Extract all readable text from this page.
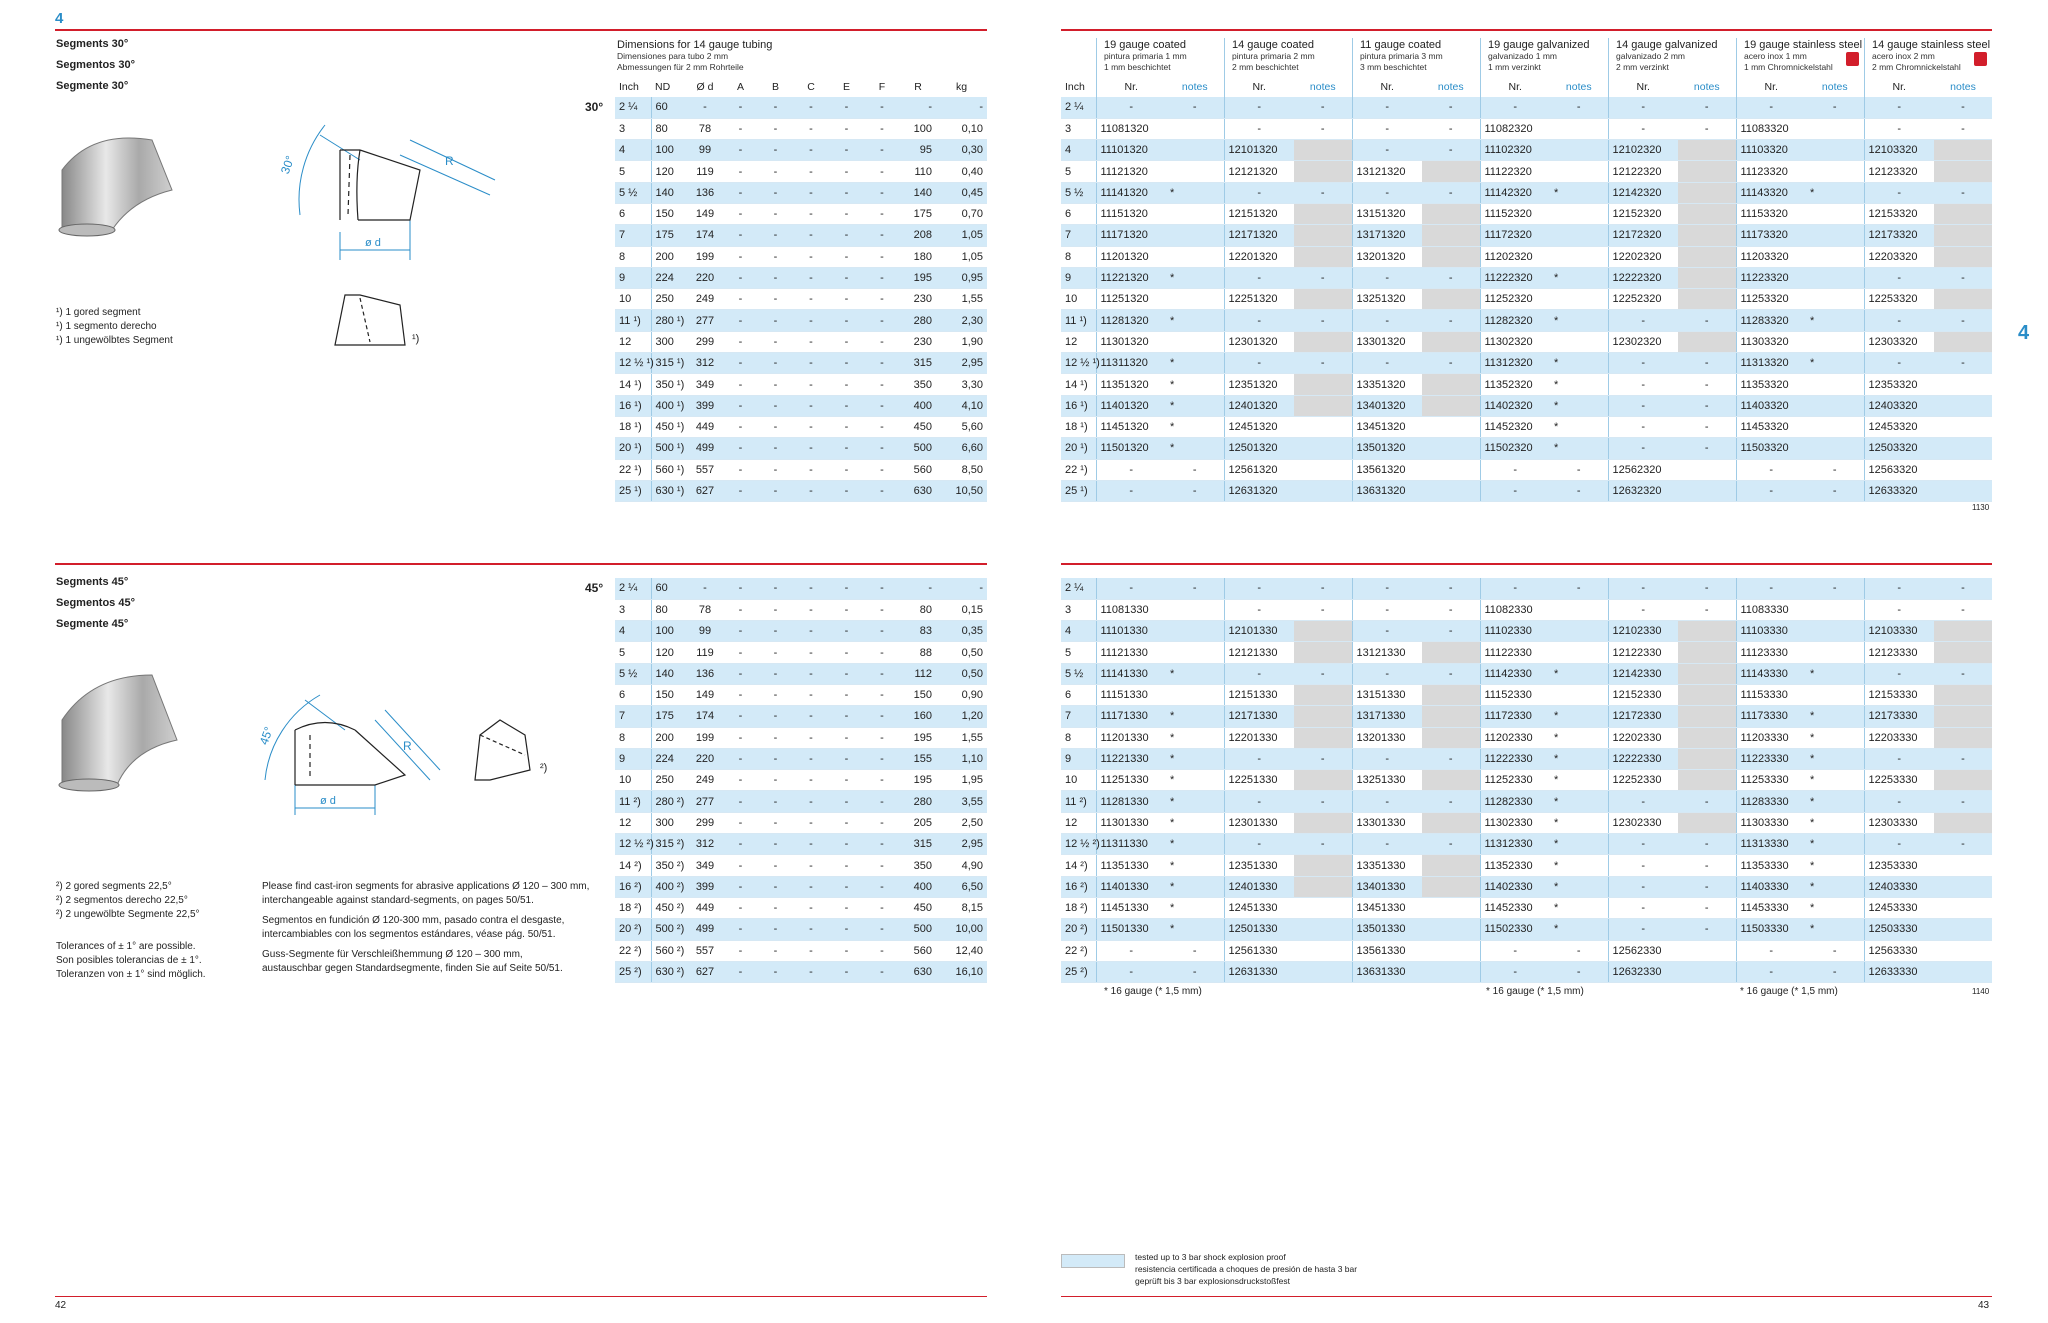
4
42	43
4
Segments 30°
Segmentos 30°
Segmente 30°
30°	R
ø d
¹) 1 gored segment
¹) 1 segmento derecho
¹) 1 ungewölbtes Segment	¹)
Dimensions for 14 gauge tubing
Dimensiones para tubo 2 mm
Abmessungen für 2 mm Rohrteile
Inch	ND	Ø d	A	B	C	E	F	R	kg
30° 2 ¼	60	-	-	-	-	-	-	-	-
3	80	78	-	-	-	-	-	100	0,10
4	100	99	-	-	-	-	-	95	0,30
5	120	119	-	-	-	-	-	110	0,40
5 ½	140	136	-	-	-	-	-	140	0,45
6	150	149	-	-	-	-	-	175	0,70
7	175	174	-	-	-	-	-	208	1,05
8	200	199	-	-	-	-	-	180	1,05
9	224	220	-	-	-	-	-	195	0,95
10	250	249	-	-	-	-	-	230	1,55
11 ¹)	280 ¹)	277	-	-	-	-	-	280	2,30
12	300	299	-	-	-	-	-	230	1,90
12 ½ ¹)	315 ¹)	312	-	-	-	-	-	315	2,95
14 ¹)	350 ¹)	349	-	-	-	-	-	350	3,30
16 ¹)	400 ¹)	399	-	-	-	-	-	400	4,10
18 ¹)	450 ¹)	449	-	-	-	-	-	450	5,60
20 ¹)	500 ¹)	499	-	-	-	-	-	500	6,60
22 ¹)	560 ¹)	557	-	-	-	-	-	560	8,50
25 ¹)	630 ¹)	627	-	-	-	-	-	630	10,50
Segments 45°
Segmentos 45°
Segmente 45°
45°	R
ø d
²)
²) 2 gored segments 22,5°
²) 2 segmentos derecho 22,5°
²) 2 ungewölbte Segmente 22,5°
Tolerances of ± 1° are possible.
Son posibles tolerancias de ± 1°.
Toleranzen von ± 1° sind möglich.
Please find cast-iron segments for abrasive applications Ø 120 – 300 mm,
interchangeable against standard-segments, on pages 50/51.
Segmentos en fundición Ø 120-300 mm, pasado contra el desgaste,
intercambiables con los segmentos estándares, véase pág. 50/51.
Guss-Segmente für Verschleißhemmung Ø 120 – 300 mm,
austauschbar gegen Standardsegmente, finden Sie auf Seite 50/51.
45° 2 ¼	60	-	-	-	-	-	-	-	-
3	80	78	-	-	-	-	-	80	0,15
4	100	99	-	-	-	-	-	83	0,35
5	120	119	-	-	-	-	-	88	0,50
5 ½	140	136	-	-	-	-	-	112	0,50
6	150	149	-	-	-	-	-	150	0,90
7	175	174	-	-	-	-	-	160	1,20
8	200	199	-	-	-	-	-	195	1,55
9	224	220	-	-	-	-	-	155	1,10
10	250	249	-	-	-	-	-	195	1,95
11 ²)	280 ²)	277	-	-	-	-	-	280	3,55
12	300	299	-	-	-	-	-	205	2,50
12 ½ ²)	315 ²)	312	-	-	-	-	-	315	2,95
14 ²)	350 ²)	349	-	-	-	-	-	350	4,90
16 ²)	400 ²)	399	-	-	-	-	-	400	6,50
18 ²)	450 ²)	449	-	-	-	-	-	450	8,15
20 ²)	500 ²)	499	-	-	-	-	-	500	10,00
22 ²)	560 ²)	557	-	-	-	-	-	560	12,40
25 ²)	630 ²)	627	-	-	-	-	-	630	16,10
19 gauge coated
pintura primaria 1 mm
1 mm beschichtet
14 gauge coated
pintura primaria 2 mm
2 mm beschichtet
11 gauge coated
pintura primaria 3 mm
3 mm beschichtet
19 gauge galvanized
galvanizado 1 mm
1 mm verzinkt
14 gauge galvanized
galvanizado 2 mm
2 mm verzinkt
19 gauge stainless steel
acero inox 1 mm
1 mm Chromnickelstahl
14 gauge stainless steel
acero inox 2 mm
2 mm Chromnickelstahl
Inch	Nr.	notes	Nr.	notes	Nr.	notes	Nr.	notes	Nr.	notes	Nr.	notes	Nr.	notes
2 ¼	-	-	-	-	-	-	-	-	-	-	-	-	-	-
3	11081320		-	-	-	-	11082320		-	-	11083320		-	-
4	11101320		12101320		-	-	11102320		12102320		11103320		12103320	
5	11121320		12121320		13121320		11122320		12122320		11123320		12123320	
5 ½	11141320	*	-	-	-	-	11142320	*	12142320		11143320	*	-	-
6	11151320		12151320		13151320		11152320		12152320		11153320		12153320	
7	11171320		12171320		13171320		11172320		12172320		11173320		12173320	
8	11201320		12201320		13201320		11202320		12202320		11203320		12203320	
9	11221320	*	-	-	-	-	11222320	*	12222320		11223320		-	-
10	11251320		12251320		13251320		11252320		12252320		11253320		12253320	
11 ¹)	11281320	*	-	-	-	-	11282320	*	-	-	11283320	*	-	-
12	11301320		12301320		13301320		11302320		12302320		11303320		12303320	
12 ½ ¹)	11311320	*	-	-	-	-	11312320	*	-	-	11313320	*	-	-
14 ¹)	11351320	*	12351320		13351320		11352320	*	-	-	11353320		12353320	
16 ¹)	11401320	*	12401320		13401320		11402320	*	-	-	11403320		12403320	
18 ¹)	11451320	*	12451320		13451320		11452320	*	-	-	11453320		12453320	
20 ¹)	11501320	*	12501320		13501320		11502320	*	-	-	11503320		12503320	
22 ¹)	-	-	12561320		13561320		-	-	12562320		-	-	12563320	
25 ¹)	-	-	12631320		13631320		-	-	12632320		-	-	12633320	
1130
2 ¼	-	-	-	-	-	-	-	-	-	-	-	-	-	-
3	11081330		-	-	-	-	11082330		-	-	11083330		-	-
4	11101330		12101330		-	-	11102330		12102330		11103330		12103330	
5	11121330		12121330		13121330		11122330		12122330		11123330		12123330	
5 ½	11141330	*	-	-	-	-	11142330	*	12142330		11143330	*	-	-
6	11151330		12151330		13151330		11152330		12152330		11153330		12153330	
7	11171330	*	12171330		13171330		11172330	*	12172330		11173330	*	12173330	
8	11201330	*	12201330		13201330		11202330	*	12202330		11203330	*	12203330	
9	11221330	*	-	-	-	-	11222330	*	12222330		11223330	*	-	-
10	11251330	*	12251330		13251330		11252330	*	12252330		11253330	*	12253330	
11 ²)	11281330	*	-	-	-	-	11282330	*	-	-	11283330	*	-	-
12	11301330	*	12301330		13301330		11302330	*	12302330		11303330	*	12303330	
12 ½ ²)	11311330	*	-	-	-	-	11312330	*	-	-	11313330	*	-	-
14 ²)	11351330	*	12351330		13351330		11352330	*	-	-	11353330	*	12353330	
16 ²)	11401330	*	12401330		13401330		11402330	*	-	-	11403330	*	12403330	
18 ²)	11451330	*	12451330		13451330		11452330	*	-	-	11453330	*	12453330	
20 ²)	11501330	*	12501330		13501330		11502330	*	-	-	11503330	*	12503330	
22 ²)	-	-	12561330		13561330		-	-	12562330		-	-	12563330	
25 ²)	-	-	12631330		13631330		-	-	12632330		-	-	12633330	
* 16 gauge (* 1,5 mm)	* 16 gauge (* 1,5 mm)	* 16 gauge (* 1,5 mm)	1140
tested up to 3 bar shock explosion proof
resistencia certificada a choques de presión de hasta 3 bar
geprüft bis 3 bar explosionsdruckstoßfest
